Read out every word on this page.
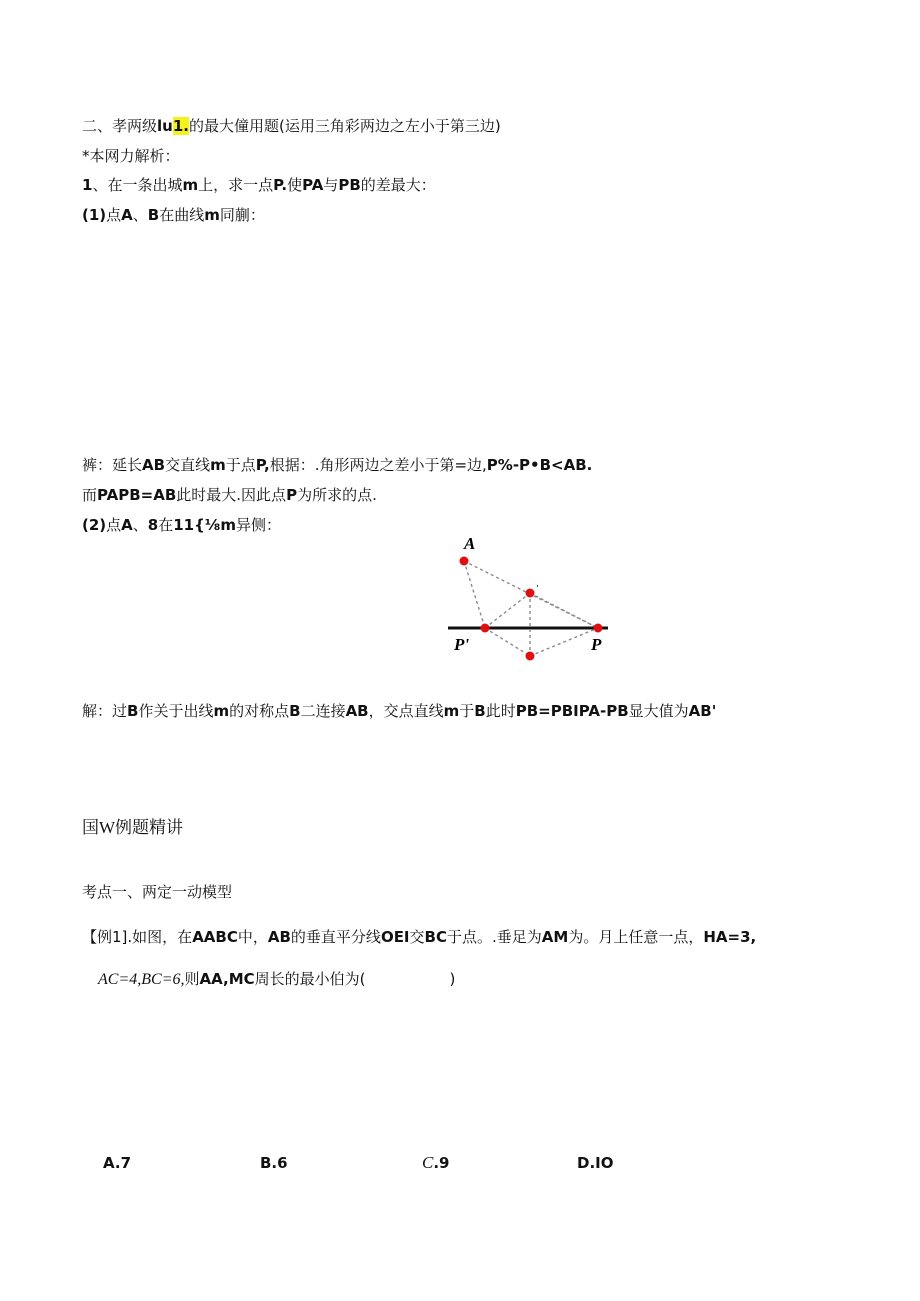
二、孝两级lu1.的最大僮用题(运用三角彩两边之左小于第三边)
*本网力解析：
1、在一条出城m上，求一点P.使PA与PB的差最大：
(1)点A、B在曲线m同蒯：
裤：延长AB交直线m于点P,根据：.角形两边之差小于第=边,P%-P•B<AB.
而PAPB=AB此时最大.因此点P为所求的点.
(2)点A、8在11{⅛m异侧：
A
ˌ
P'	P
解：过B作关于出线m的对称点B二连接AB，交点直线m于B此时PB=PBIPA-PB显大值为AB'
国W例题精讲
考点一、两定一动模型
【例1].如图，在AABC中，AB的垂直平分线OEI交BC于点。.垂足为AM为。月上任意一点，HA=3,
AC=4,BC=6,则AA,MC周长的最小伯为(	)
A.7	B.6	C.9	D.IO
